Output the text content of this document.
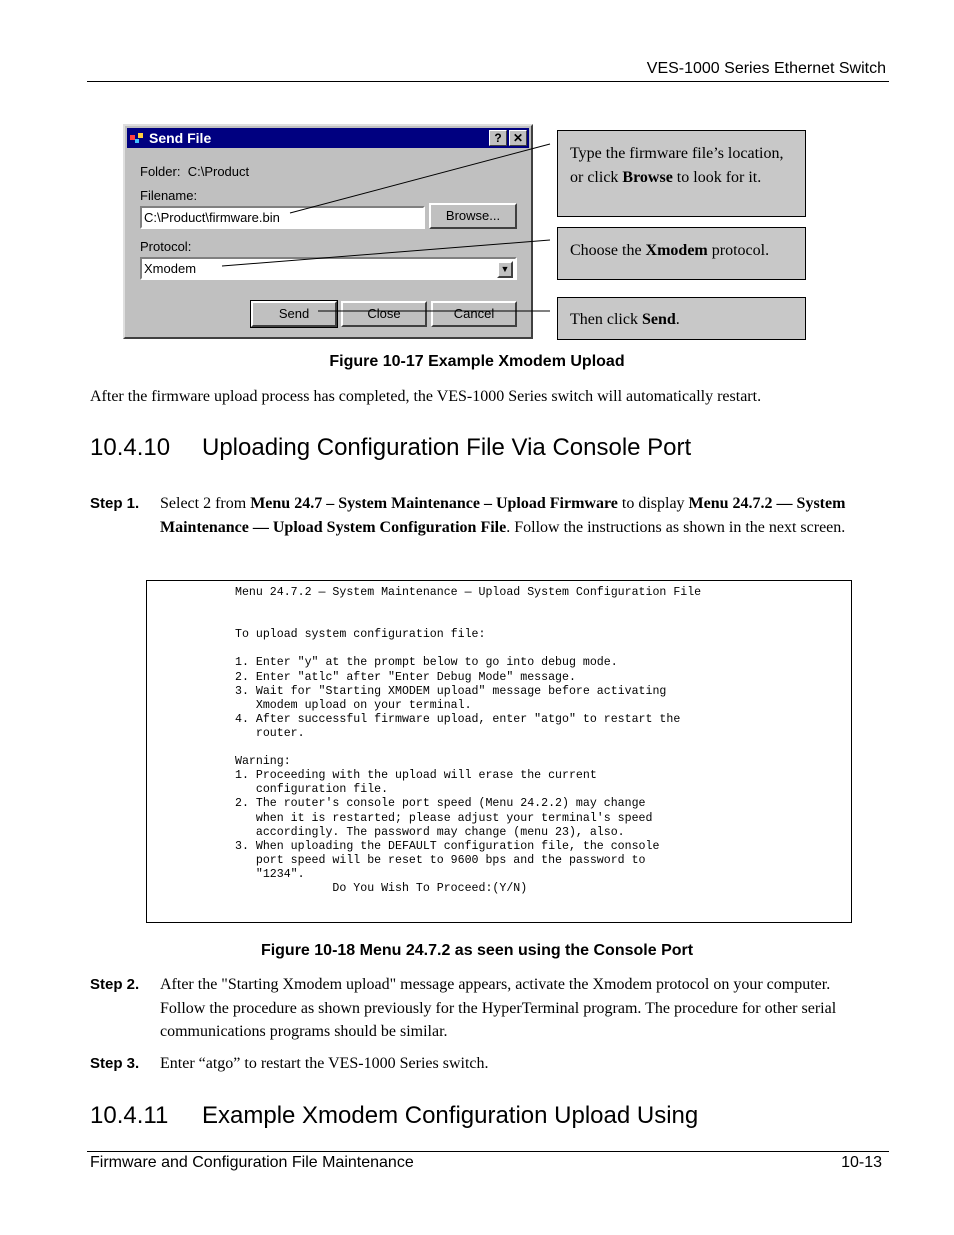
VES-1000 Series Ethernet Switch
Send File	? ✕
Folder: C:\Product
Filename:
C:\Product\firmware.bin	Browse...
Protocol:
Xmodem	▼
Send	Close	Cancel
Type the firmware file’s location, or click Browse to look for it.
Choose the Xmodem protocol.
Then click Send.
Figure 10-17 Example Xmodem Upload
After the firmware upload process has completed, the VES-1000 Series switch will automatically restart.
10.4.10 Uploading Configuration File Via Console Port
Step 1. Select 2 from Menu 24.7 – System Maintenance – Upload Firmware to display Menu 24.7.2 — System Maintenance — Upload System Configuration File. Follow the instructions as shown in the next screen.
Menu 24.7.2 — System Maintenance — Upload System Configuration File

To upload system configuration file:

1. Enter "y" at the prompt below to go into debug mode.
2. Enter "atlc" after "Enter Debug Mode" message.
3. Wait for "Starting XMODEM upload" message before activating
Xmodem upload on your terminal.
4. After successful firmware upload, enter "atgo" to restart the
router.

Warning:
1. Proceeding with the upload will erase the current
configuration file.
2. The router's console port speed (Menu 24.2.2) may change
when it is restarted; please adjust your terminal's speed
accordingly. The password may change (menu 23), also.
3. When uploading the DEFAULT configuration file, the console
port speed will be reset to 9600 bps and the password to
"1234".
Do You Wish To Proceed:(Y/N)
Figure 10-18 Menu 24.7.2 as seen using the Console Port
Step 2. After the "Starting Xmodem upload" message appears, activate the Xmodem protocol on your computer. Follow the procedure as shown previously for the HyperTerminal program. The procedure for other serial communications programs should be similar.
Step 3. Enter “atgo” to restart the VES-1000 Series switch.
10.4.11 Example Xmodem Configuration Upload Using
Firmware and Configuration File Maintenance	10-13
